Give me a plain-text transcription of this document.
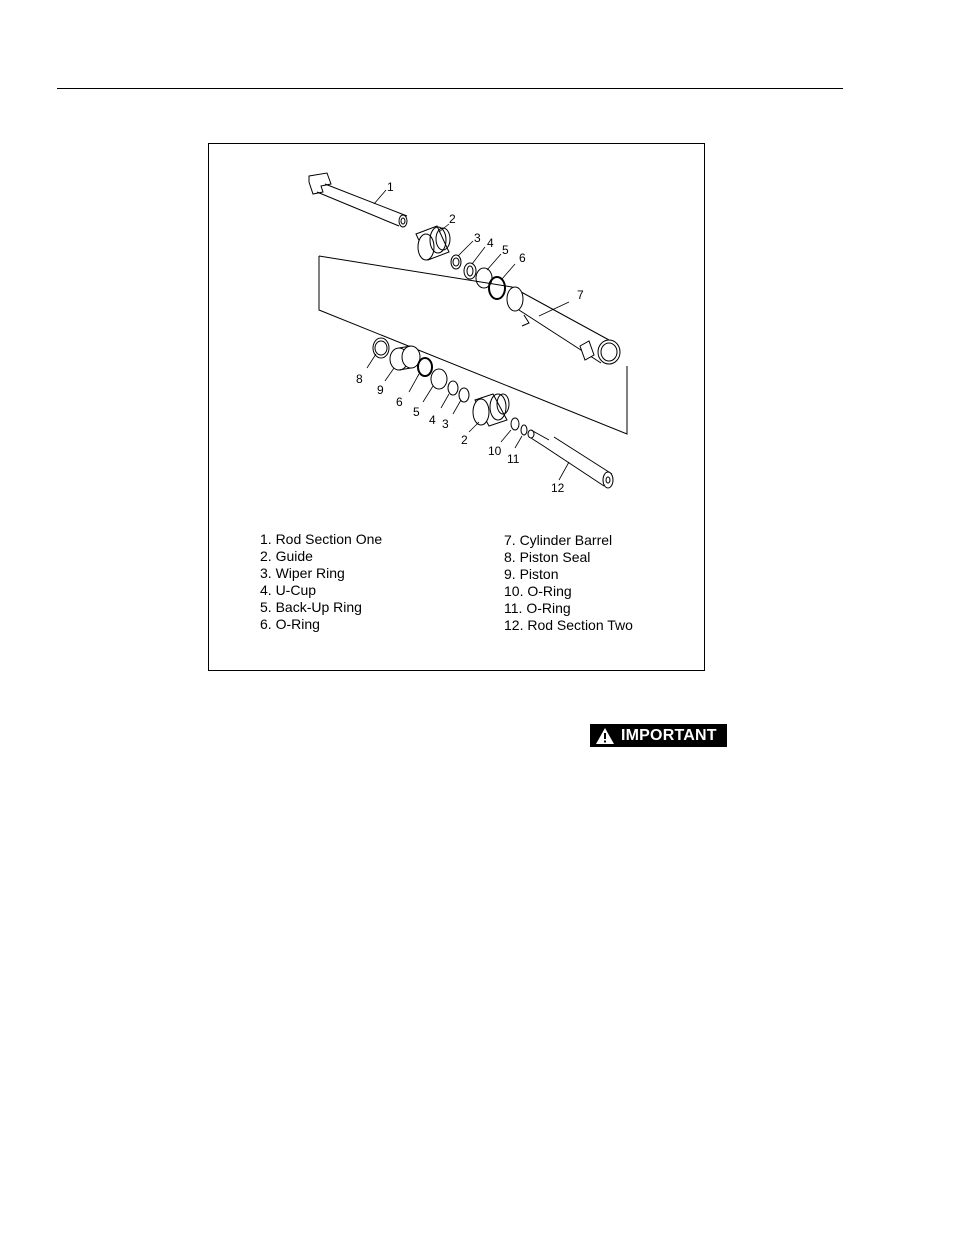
1
2
3 4 5
6
7
8
9
6
5
4 3
2
10
11
12
1. Rod Section One
2. Guide
3. Wiper Ring
4. U-Cup
5. Back-Up Ring
6. O-Ring
7. Cylinder Barrel
8. Piston Seal
9. Piston
10. O-Ring
11. O-Ring
12. Rod Section Two
IMPORTANT
